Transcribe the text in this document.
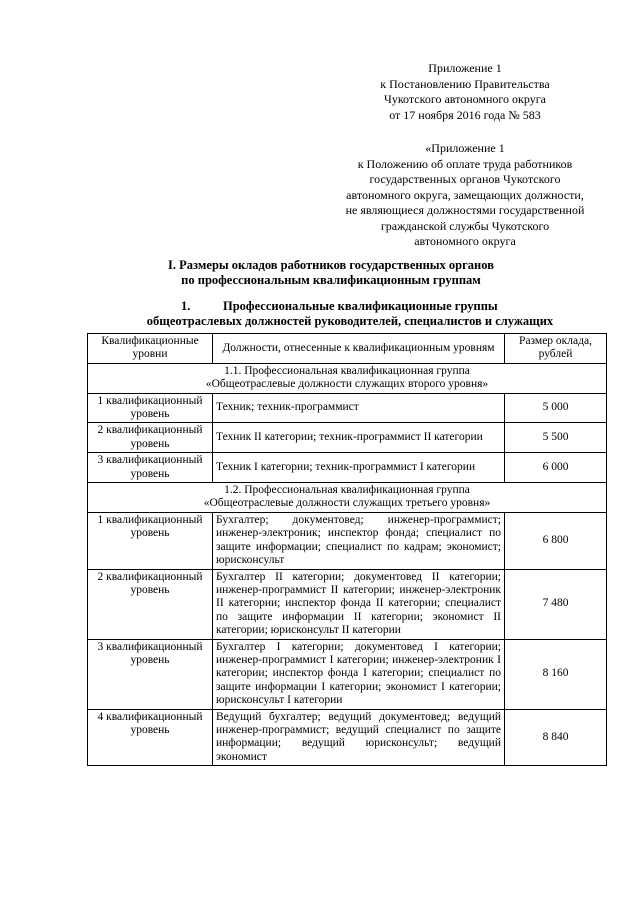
Приложение 1
к Постановлению Правительства
Чукотского автономного округа
от 17 ноября 2016 года № 583
«Приложение 1
к Положению об оплате труда работников
государственных органов Чукотского
автономного округа, замещающих должности,
не являющиеся должностями государственной
гражданской службы Чукотского
автономного округа
I. Размеры окладов работников государственных органов
по профессиональным квалификационным группам
1.	Профессиональные квалификационные группы
общеотраслевых должностей руководителей, специалистов и служащих
Квалификационные уровни	Должности, отнесенные к квалификационным уровням	Размер оклада, рублей

1.1. Профессиональная квалификационная группа
«Общеотраслевые должности служащих второго уровня»		

1 квалификационный уровень	Техник; техник-программист	5 000
2 квалификационный уровень	Техник II категории; техник-программист II категории	5 500
3 квалификационный уровень	Техник I категории; техник-программист I категории	6 000

1.2. Профессиональная квалификационная группа
«Общеотраслевые должности служащих третьего уровня»		

1 квалификационный уровень	Бухгалтер; документовед; инженер-программист; инженер-электроник; инспектор фонда; специалист по защите информации; специалист по кадрам; экономист; юрисконсульт	6 800
2 квалификационный уровень	Бухгалтер II категории; документовед II категории; инженер-программист II категории; инженер-электроник II категории; инспектор фонда II категории; специалист по защите информации II категории; экономист II категории; юрисконсульт II категории	7 480
3 квалификационный уровень	Бухгалтер I категории; документовед I категории; инженер-программист I категории; инженер-электроник I категории; инспектор фонда I категории; специалист по защите информации I категории; экономист I категории; юрисконсульт I категории	8 160
4 квалификационный уровень	Ведущий бухгалтер; ведущий документовед; ведущий инженер-программист; ведущий специалист по защите информации; ведущий юрисконсульт; ведущий экономист	8 840
